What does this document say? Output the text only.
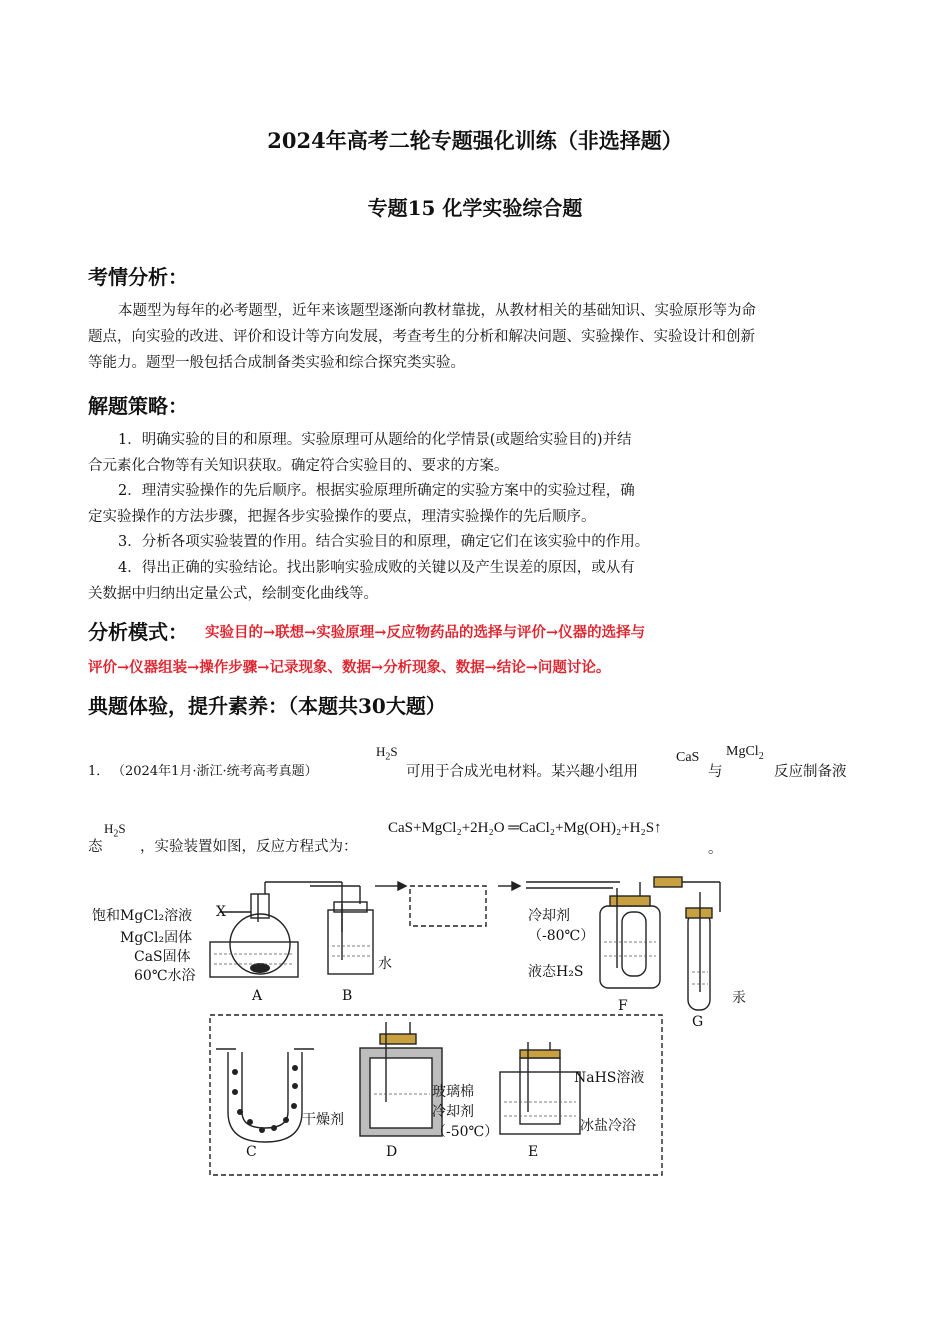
2024年高考二轮专题强化训练（非选择题）
专题15 化学实验综合题
考情分析：
本题型为每年的必考题型，近年来该题型逐渐向教材靠拢，从教材相关的基础知识、实验原形等为命
题点，向实验的改进、评价和设计等方向发展，考查考生的分析和解决问题、实验操作、实验设计和创新
等能力。题型一般包括合成制备类实验和综合探究类实验。
解题策略：
1．明确实验的目的和原理。实验原理可从题给的化学情景(或题给实验目的)并结
合元素化合物等有关知识获取。确定符合实验目的、要求的方案。
2．理清实验操作的先后顺序。根据实验原理所确定的实验方案中的实验过程，确
定实验操作的方法步骤，把握各步实验操作的要点，理清实验操作的先后顺序。
3．分析各项实验装置的作用。结合实验目的和原理，确定它们在该实验中的作用。
4．得出正确的实验结论。找出影响实验成败的关键以及产生误差的原因，或从有
关数据中归纳出定量公式，绘制变化曲线等。
分析模式： 实验目的→联想→实验原理→反应物药品的选择与评价→仪器的选择与
评价→仪器组装→操作步骤→记录现象、数据→分析现象、数据→结论→问题讨论。
典题体验，提升素养：（本题共30大题）
1． （2024年1月·浙江·统考高考真题）
$H_2S$
可用于合成光电材料。某兴趣小组用
CaS
与
MgCl$_2$
反应制备液
态
$H_2S$
，实验装置如图，反应方程式为：
CaS+MgCl₂+2H₂O ═CaCl₂+Mg(OH)₂+H₂S↑
。
饱和MgCl₂溶液
MgCl₂固体
CaS固体
60℃水浴
X
水
冷却剂
（-80℃）
液态H₂S
汞
干燥剂
玻璃棉
冷却剂
（-50℃）
NaHS溶液
冰盐冷浴
A	B
C	D	E
F
G
